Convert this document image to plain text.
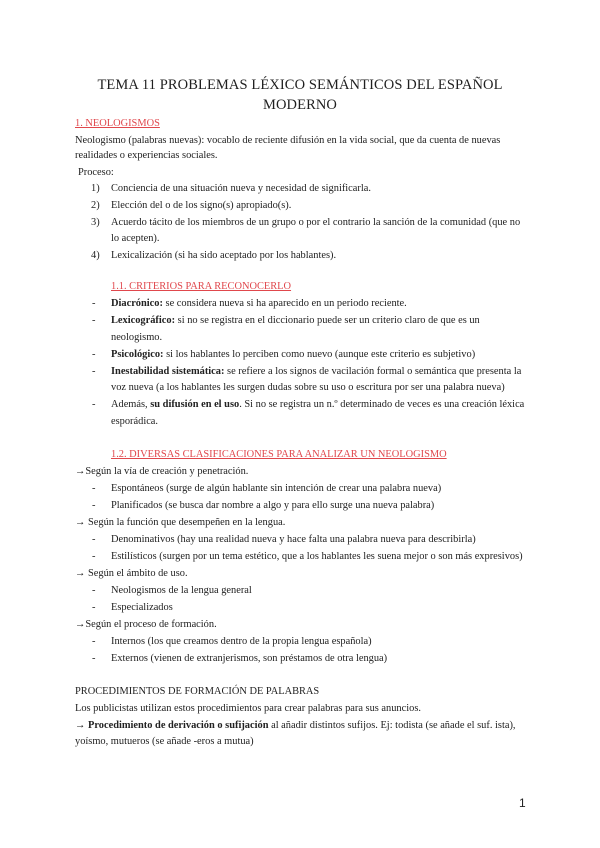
TEMA 11 PROBLEMAS LÉXICO SEMÁNTICOS DEL ESPAÑOL
MODERNO
1. NEOLOGISMOS
Neologismo (palabras nuevas): vocablo de reciente difusión en la vida social, que da cuenta de nuevas
realidades o experiencias sociales.
Proceso:
1) Conciencia de una situación nueva y necesidad de significarla.
2) Elección del o de los signo(s) apropiado(s).
3) Acuerdo tácito de los miembros de un grupo o por el contrario la sanción de la comunidad (que no
lo acepten).
4) Lexicalización (si ha sido aceptado por los hablantes).
1.1. CRITERIOS PARA RECONOCERLO
- Diacrónico: se considera nueva si ha aparecido en un periodo reciente.
- Lexicográfico: si no se registra en el diccionario puede ser un criterio claro de que es un
neologismo.
- Psicológico: si los hablantes lo perciben como nuevo (aunque este criterio es subjetivo)
- Inestabilidad sistemática: se refiere a los signos de vacilación formal o semántica que presenta la
voz nueva (a los hablantes les surgen dudas sobre su uso o escritura por ser una palabra nueva)
- Además, su difusión en el uso. Si no se registra un n.º determinado de veces es una creación léxica
esporádica.
1.2. DIVERSAS CLASIFICACIONES PARA ANALIZAR UN NEOLOGISMO
→Según la vía de creación y penetración.
- Espontáneos (surge de algún hablante sin intención de crear una palabra nueva)
- Planificados (se busca dar nombre a algo y para ello surge una nueva palabra)
→ Según la función que desempeñen en la lengua.
- Denominativos (hay una realidad nueva y hace falta una palabra nueva para describirla)
- Estilísticos (surgen por un tema estético, que a los hablantes les suena mejor o son más expresivos)
→ Según el ámbito de uso.
- Neologismos de la lengua general
- Especializados
→Según el proceso de formación.
- Internos (los que creamos dentro de la propia lengua española)
- Externos (vienen de extranjerismos, son préstamos de otra lengua)
PROCEDIMIENTOS DE FORMACIÓN DE PALABRAS
Los publicistas utilizan estos procedimientos para crear palabras para sus anuncios.
→ Procedimiento de derivación o sufijación al añadir distintos sufijos. Ej: todista (se añade el suf. ista),
yoísmo, mutueros (se añade -eros a mutua)
1
